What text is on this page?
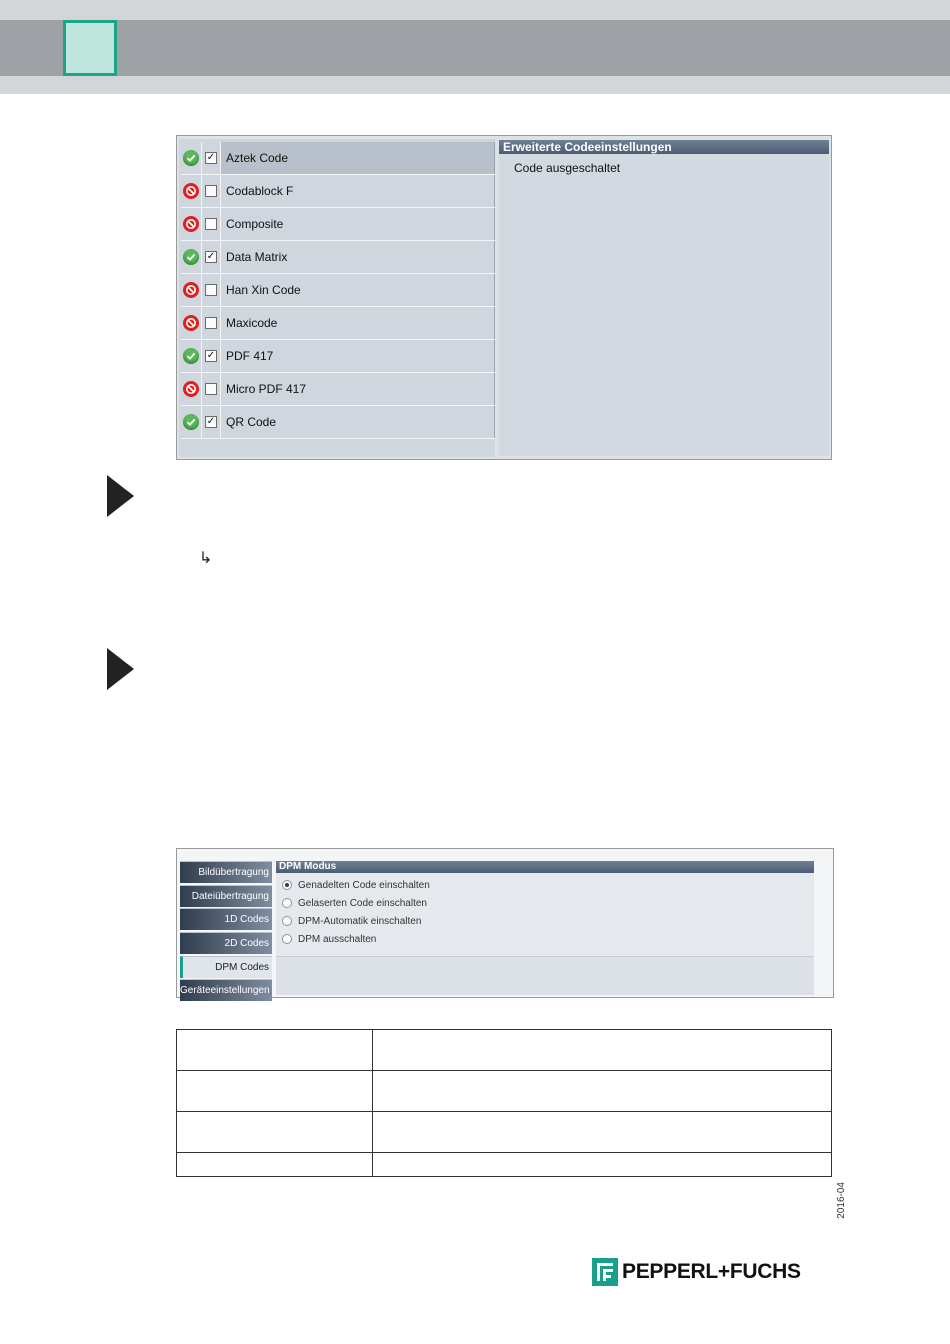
✓ Aztek Code
Codablock F
Composite
✓ Data Matrix
Han Xin Code
Maxicode
✓ PDF 417
Micro PDF 417
✓ QR Code
Erweiterte Codeeinstellungen
Code ausgeschaltet
↳
Bildübertragung
Dateiübertragung
1D Codes
2D Codes
DPM Codes
Geräteeinstellungen
DPM Modus
Genadelten Code einschalten
Gelaserten Code einschalten
DPM-Automatik einschalten
DPM ausschalten

2016-04
PEPPERL+FUCHS
